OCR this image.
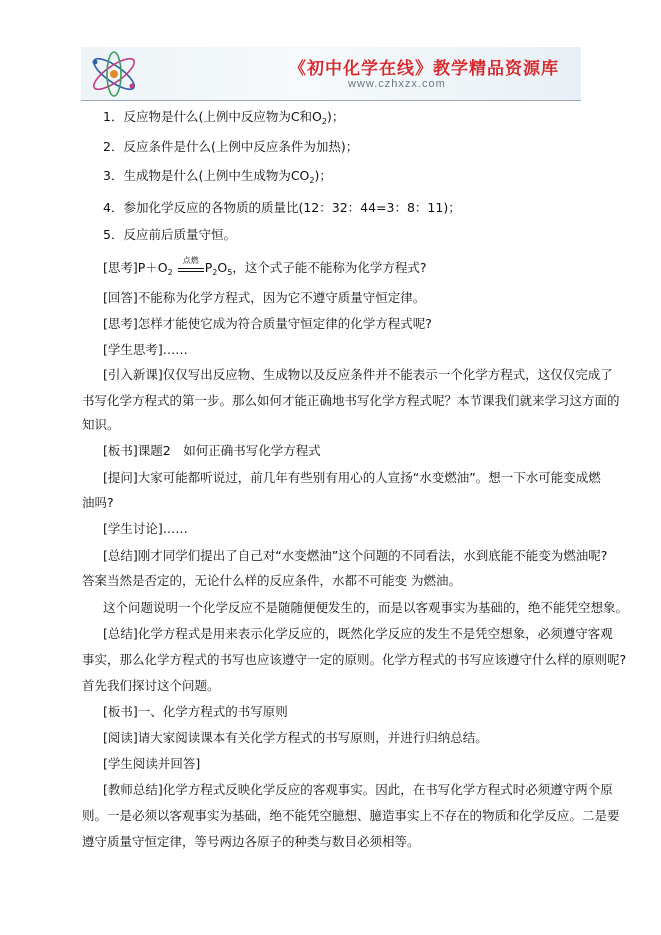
《初中化学在线》教学精品资源库
www.czhxzx.com
1．反应物是什么(上例中反应物为C和$O_2$)；
2．反应条件是什么(上例中反应条件为加热)；
3．生成物是什么(上例中生成物为$CO_2$)；
4．参加化学反应的各物质的质量比(12：32：44=3：8：11)；
5．反应前后质量守恒。
[思考]$P+O_2$
点燃 $P_2O_5$，这个式子能不能称为化学方程式?
[回答]不能称为化学方程式，因为它不遵守质量守恒定律。
[思考]怎样才能使它成为符合质量守恒定律的化学方程式呢?
[学生思考]……
[引入新课]仅仅写出反应物、生成物以及反应条件并不能表示一个化学方程式，这仅仅完成了
书写化学方程式的第一步。那么如何才能正确地书写化学方程式呢？本节课我们就来学习这方面的
知识。
[板书]课题2　如何正确书写化学方程式
[提问]大家可能都听说过，前几年有些别有用心的人宣扬“水变燃油”。想一下水可能变成燃
油吗?
[学生讨论]……
[总结]刚才同学们提出了自己对“水变燃油”这个问题的不同看法，水到底能不能变为燃油呢?
答案当然是否定的，无论什么样的反应条件，水都不可能变 为燃油。
这个问题说明一个化学反应不是随随便便发生的，而是以客观事实为基础的，绝不能凭空想象。
[总结]化学方程式是用来表示化学反应的，既然化学反应的发生不是凭空想象，必须遵守客观
事实，那么化学方程式的书写也应该遵守一定的原则。化学方程式的书写应该遵守什么样的原则呢?
首先我们探讨这个问题。
[板书]一、化学方程式的书写原则
[阅读]请大家阅读课本有关化学方程式的书写原则，并进行归纳总结。
[学生阅读并回答]
[教师总结]化学方程式反映化学反应的客观事实。因此，在书写化学方程式时必须遵守两个原
则。一是必须以客观事实为基础，绝不能凭空臆想、臆造事实上不存在的物质和化学反应。二是要
遵守质量守恒定律，等号两边各原子的种类与数目必须相等。
